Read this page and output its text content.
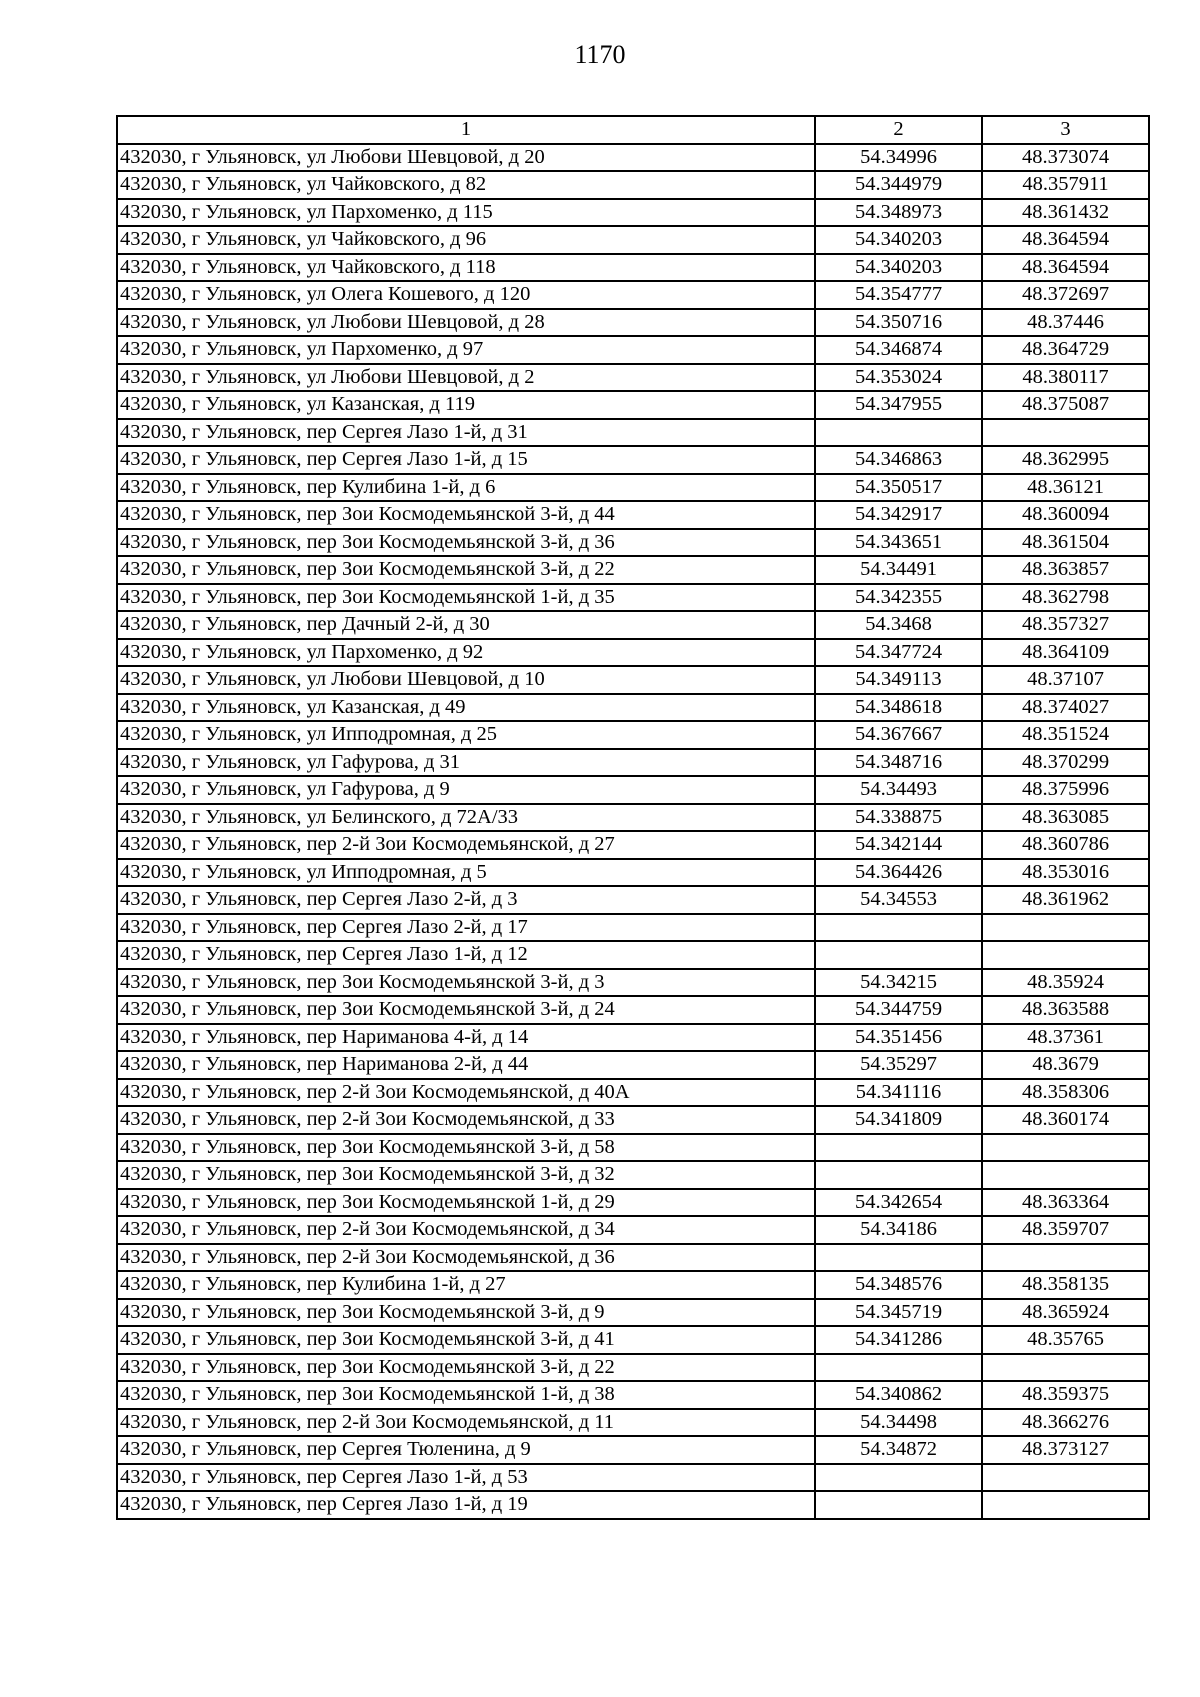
1170
1	2	3
432030, г Ульяновск, ул Любови Шевцовой, д 20	54.34996	48.373074
432030, г Ульяновск, ул Чайковского, д 82	54.344979	48.357911
432030, г Ульяновск, ул Пархоменко, д 115	54.348973	48.361432
432030, г Ульяновск, ул Чайковского, д 96	54.340203	48.364594
432030, г Ульяновск, ул Чайковского, д 118	54.340203	48.364594
432030, г Ульяновск, ул Олега Кошевого, д 120	54.354777	48.372697
432030, г Ульяновск, ул Любови Шевцовой, д 28	54.350716	48.37446
432030, г Ульяновск, ул Пархоменко, д 97	54.346874	48.364729
432030, г Ульяновск, ул Любови Шевцовой, д 2	54.353024	48.380117
432030, г Ульяновск, ул Казанская, д 119	54.347955	48.375087
432030, г Ульяновск, пер Сергея Лазо 1-й, д 31		
432030, г Ульяновск, пер Сергея Лазо 1-й, д 15	54.346863	48.362995
432030, г Ульяновск, пер Кулибина 1-й, д 6	54.350517	48.36121
432030, г Ульяновск, пер Зои Космодемьянской 3-й, д 44	54.342917	48.360094
432030, г Ульяновск, пер Зои Космодемьянской 3-й, д 36	54.343651	48.361504
432030, г Ульяновск, пер Зои Космодемьянской 3-й, д 22	54.34491	48.363857
432030, г Ульяновск, пер Зои Космодемьянской 1-й, д 35	54.342355	48.362798
432030, г Ульяновск, пер Дачный 2-й, д 30	54.3468	48.357327
432030, г Ульяновск, ул Пархоменко, д 92	54.347724	48.364109
432030, г Ульяновск, ул Любови Шевцовой, д 10	54.349113	48.37107
432030, г Ульяновск, ул Казанская, д 49	54.348618	48.374027
432030, г Ульяновск, ул Ипподромная, д 25	54.367667	48.351524
432030, г Ульяновск, ул Гафурова, д 31	54.348716	48.370299
432030, г Ульяновск, ул Гафурова, д 9	54.34493	48.375996
432030, г Ульяновск, ул Белинского, д 72А/33	54.338875	48.363085
432030, г Ульяновск, пер 2-й Зои Космодемьянской, д 27	54.342144	48.360786
432030, г Ульяновск, ул Ипподромная, д 5	54.364426	48.353016
432030, г Ульяновск, пер Сергея Лазо 2-й, д 3	54.34553	48.361962
432030, г Ульяновск, пер Сергея Лазо 2-й, д 17		
432030, г Ульяновск, пер Сергея Лазо 1-й, д 12		
432030, г Ульяновск, пер Зои Космодемьянской 3-й, д 3	54.34215	48.35924
432030, г Ульяновск, пер Зои Космодемьянской 3-й, д 24	54.344759	48.363588
432030, г Ульяновск, пер Нариманова 4-й, д 14	54.351456	48.37361
432030, г Ульяновск, пер Нариманова 2-й, д 44	54.35297	48.3679
432030, г Ульяновск, пер 2-й Зои Космодемьянской, д 40А	54.341116	48.358306
432030, г Ульяновск, пер 2-й Зои Космодемьянской, д 33	54.341809	48.360174
432030, г Ульяновск, пер Зои Космодемьянской 3-й, д 58		
432030, г Ульяновск, пер Зои Космодемьянской 3-й, д 32		
432030, г Ульяновск, пер Зои Космодемьянской 1-й, д 29	54.342654	48.363364
432030, г Ульяновск, пер 2-й Зои Космодемьянской, д 34	54.34186	48.359707
432030, г Ульяновск, пер 2-й Зои Космодемьянской, д 36		
432030, г Ульяновск, пер Кулибина 1-й, д 27	54.348576	48.358135
432030, г Ульяновск, пер Зои Космодемьянской 3-й, д 9	54.345719	48.365924
432030, г Ульяновск, пер Зои Космодемьянской 3-й, д 41	54.341286	48.35765
432030, г Ульяновск, пер Зои Космодемьянской 3-й, д 22		
432030, г Ульяновск, пер Зои Космодемьянской 1-й, д 38	54.340862	48.359375
432030, г Ульяновск, пер 2-й Зои Космодемьянской, д 11	54.34498	48.366276
432030, г Ульяновск, пер Сергея Тюленина, д 9	54.34872	48.373127
432030, г Ульяновск, пер Сергея Лазо 1-й, д 53		
432030, г Ульяновск, пер Сергея Лазо 1-й, д 19		
